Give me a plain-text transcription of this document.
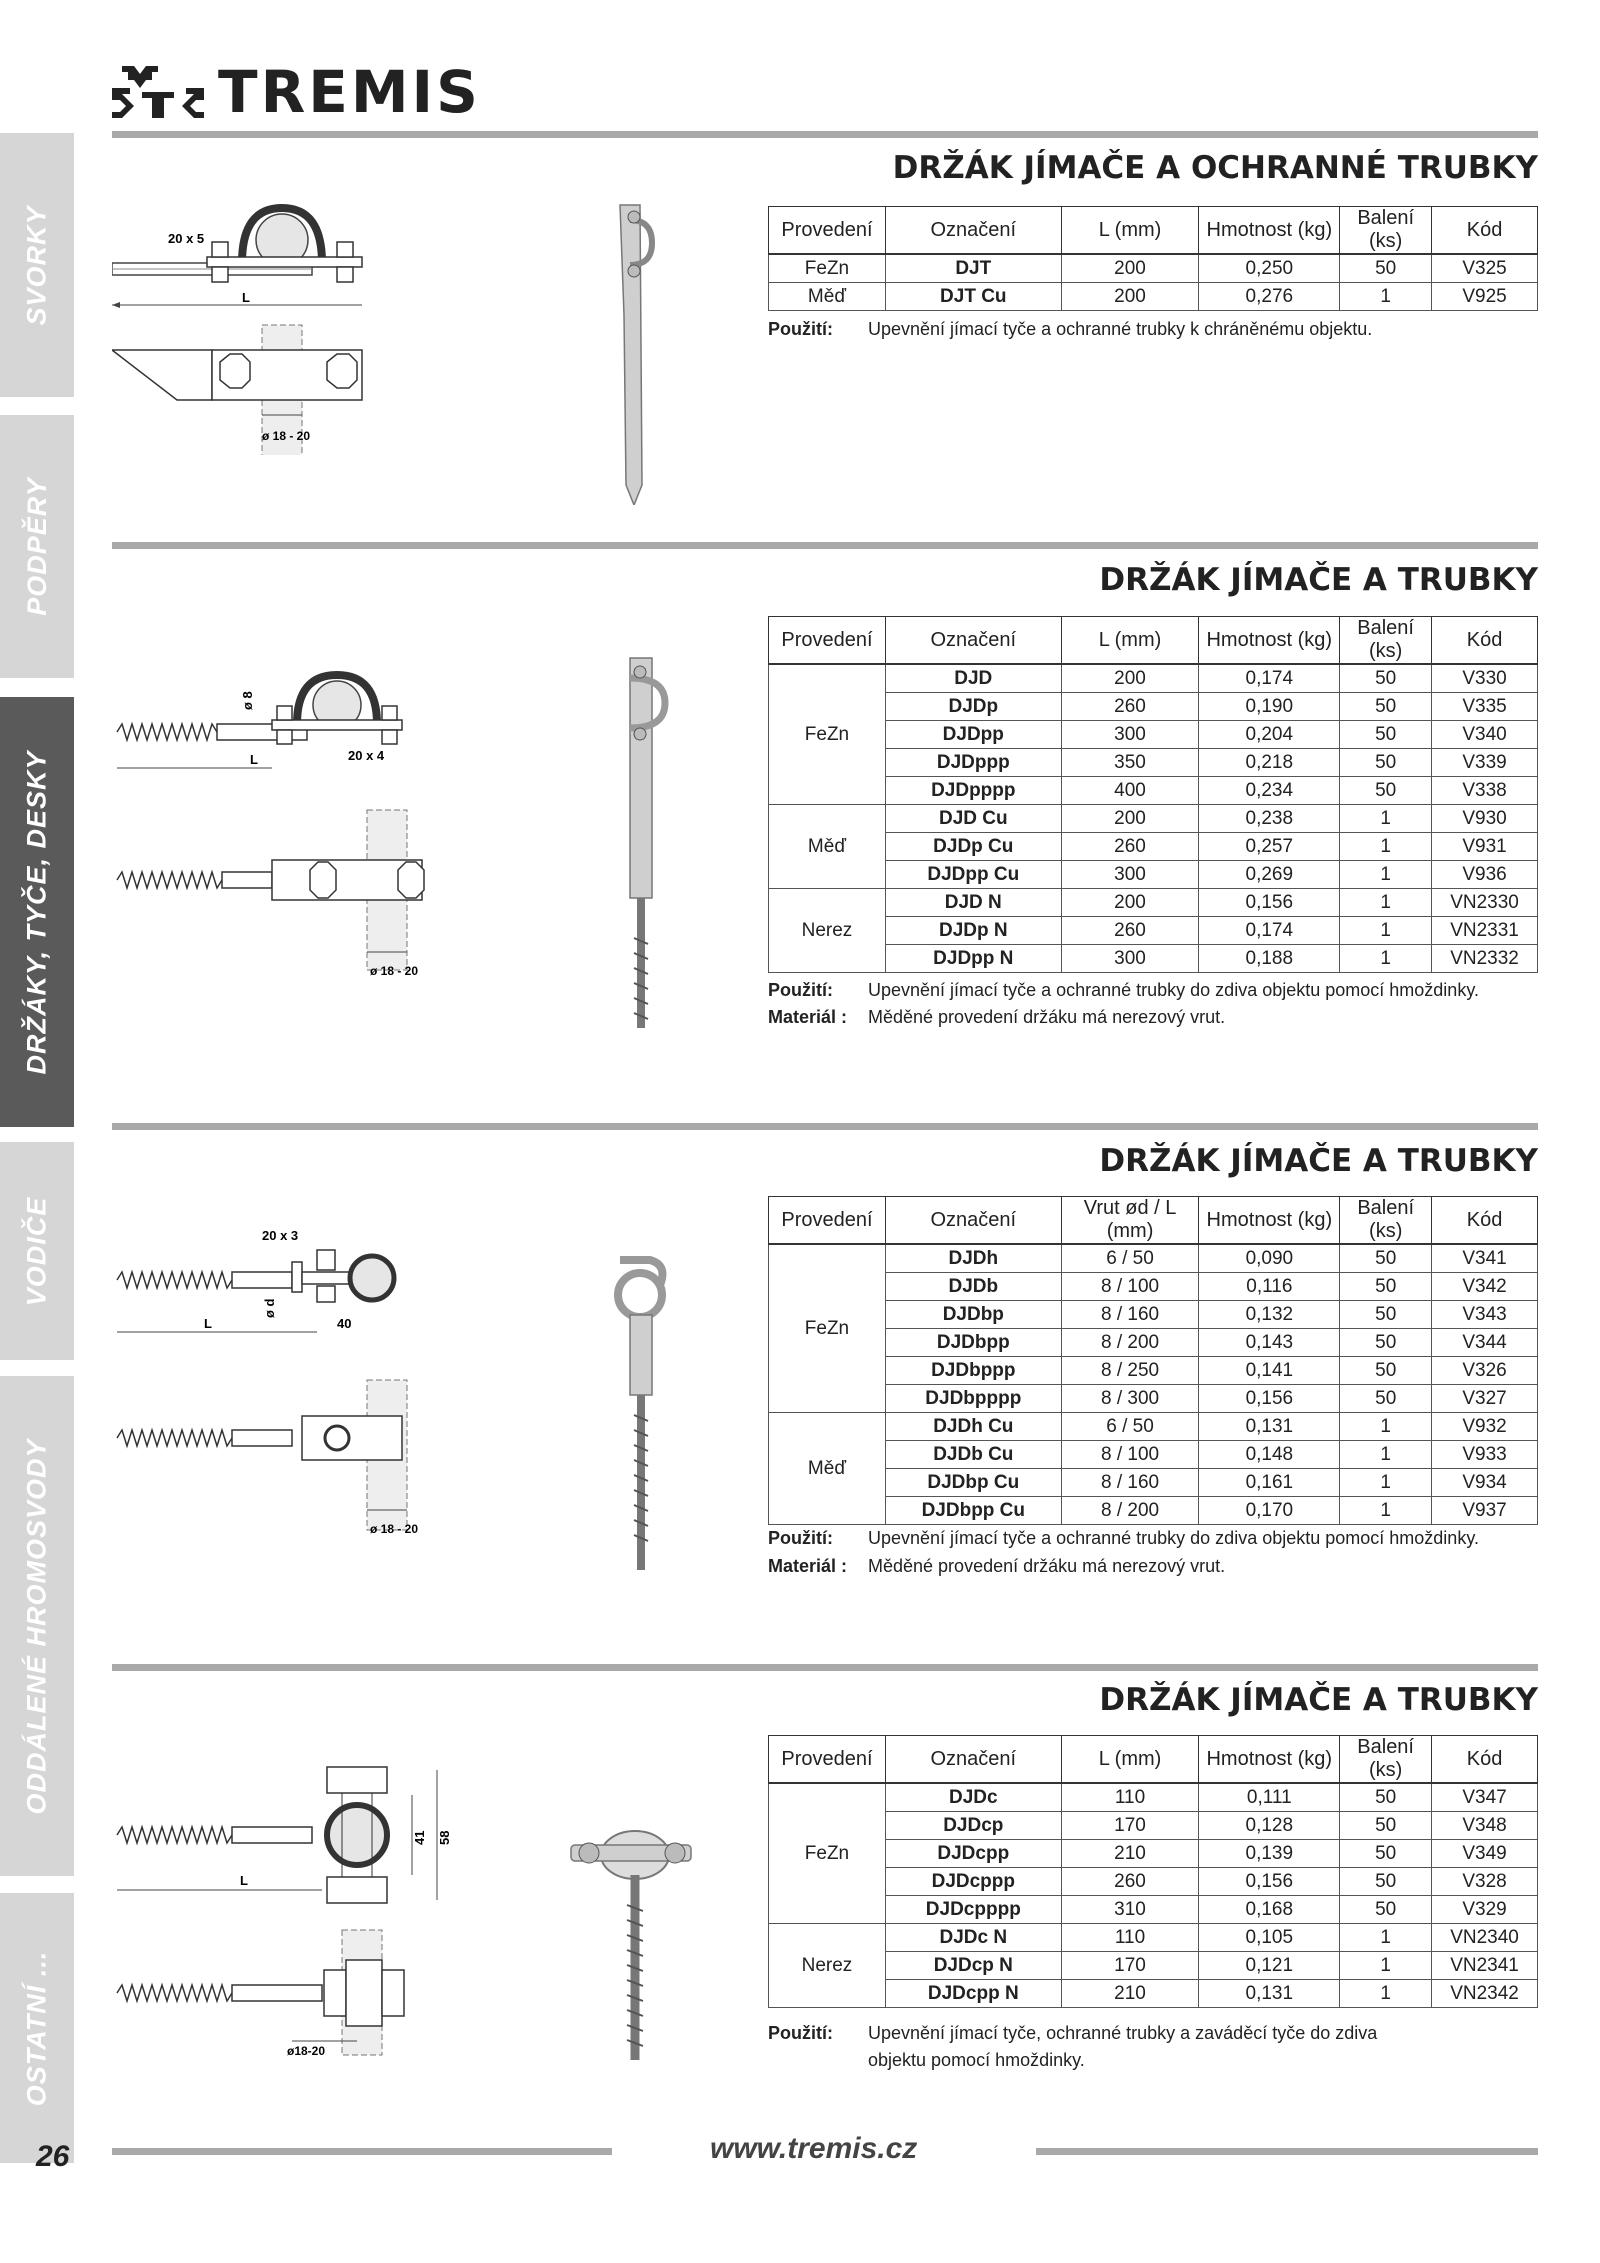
SVORKY
PODPĚRY
DRŽÁKY, TYČE, DESKY
VODIČE
ODDÁLENÉ HROMOSVODY
OSTATNÍ ...
TREMIS
DRŽÁK JÍMAČE A OCHRANNÉ TRUBKY
20 x 5
L
ø 18 - 20
Provedení	Označení	L (mm)	Hmotnost (kg)	Balení (ks)	Kód
FeZn	DJT	200	0,250	50	V325
Měď	DJT Cu	200	0,276	1	V925
Použití: Upevnění jímací tyče a ochranné trubky k chráněnému objektu.
DRŽÁK JÍMAČE A TRUBKY
L
ø 8
20 x 4
ø 18 - 20
Provedení	Označení	L (mm)	Hmotnost (kg)	Balení (ks)	Kód
FeZn	DJD	200	0,174	50	V330
	DJDp	260	0,190	50	V335
	DJDpp	300	0,204	50	V340
	DJDppp	350	0,218	50	V339
	DJDpppp	400	0,234	50	V338
Měď	DJD Cu	200	0,238	1	V930
	DJDp Cu	260	0,257	1	V931
	DJDpp Cu	300	0,269	1	V936
Nerez	DJD N	200	0,156	1	VN2330
	DJDp N	260	0,174	1	VN2331
	DJDpp N	300	0,188	1	VN2332
Použití: Upevnění jímací tyče a ochranné trubky do zdiva objektu pomocí hmoždinky.
Materiál : Měděné provedení držáku má nerezový vrut.
DRŽÁK JÍMAČE A TRUBKY
L	40
20 x 3
ø d
ø 18 - 20
Provedení	Označení	Vrut ød / L (mm)	Hmotnost (kg)	Balení (ks)	Kód
FeZn	DJDh	6 / 50	0,090	50	V341
	DJDb	8 / 100	0,116	50	V342
	DJDbp	8 / 160	0,132	50	V343
	DJDbpp	8 / 200	0,143	50	V344
	DJDbppp	8 / 250	0,141	50	V326
	DJDbpppp	8 / 300	0,156	50	V327
Měď	DJDh Cu	6 / 50	0,131	1	V932
	DJDb Cu	8 / 100	0,148	1	V933
	DJDbp Cu	8 / 160	0,161	1	V934
	DJDbpp Cu	8 / 200	0,170	1	V937
Použití: Upevnění jímací tyče a ochranné trubky do zdiva objektu pomocí hmoždinky.
Materiál : Měděné provedení držáku má nerezový vrut.
DRŽÁK JÍMAČE A TRUBKY
L
41 58
ø18-20
Provedení	Označení	L (mm)	Hmotnost (kg)	Balení (ks)	Kód
FeZn	DJDc	110	0,111	50	V347
	DJDcp	170	0,128	50	V348
	DJDcpp	210	0,139	50	V349
	DJDcppp	260	0,156	50	V328
	DJDcpppp	310	0,168	50	V329
Nerez	DJDc N	110	0,105	1	VN2340
	DJDcp N	170	0,121	1	VN2341
	DJDcpp N	210	0,131	1	VN2342
Použití: Upevnění jímací tyče, ochranné trubky a zaváděcí tyče do zdiva
objektu pomocí hmoždinky.
26	www.tremis.cz
